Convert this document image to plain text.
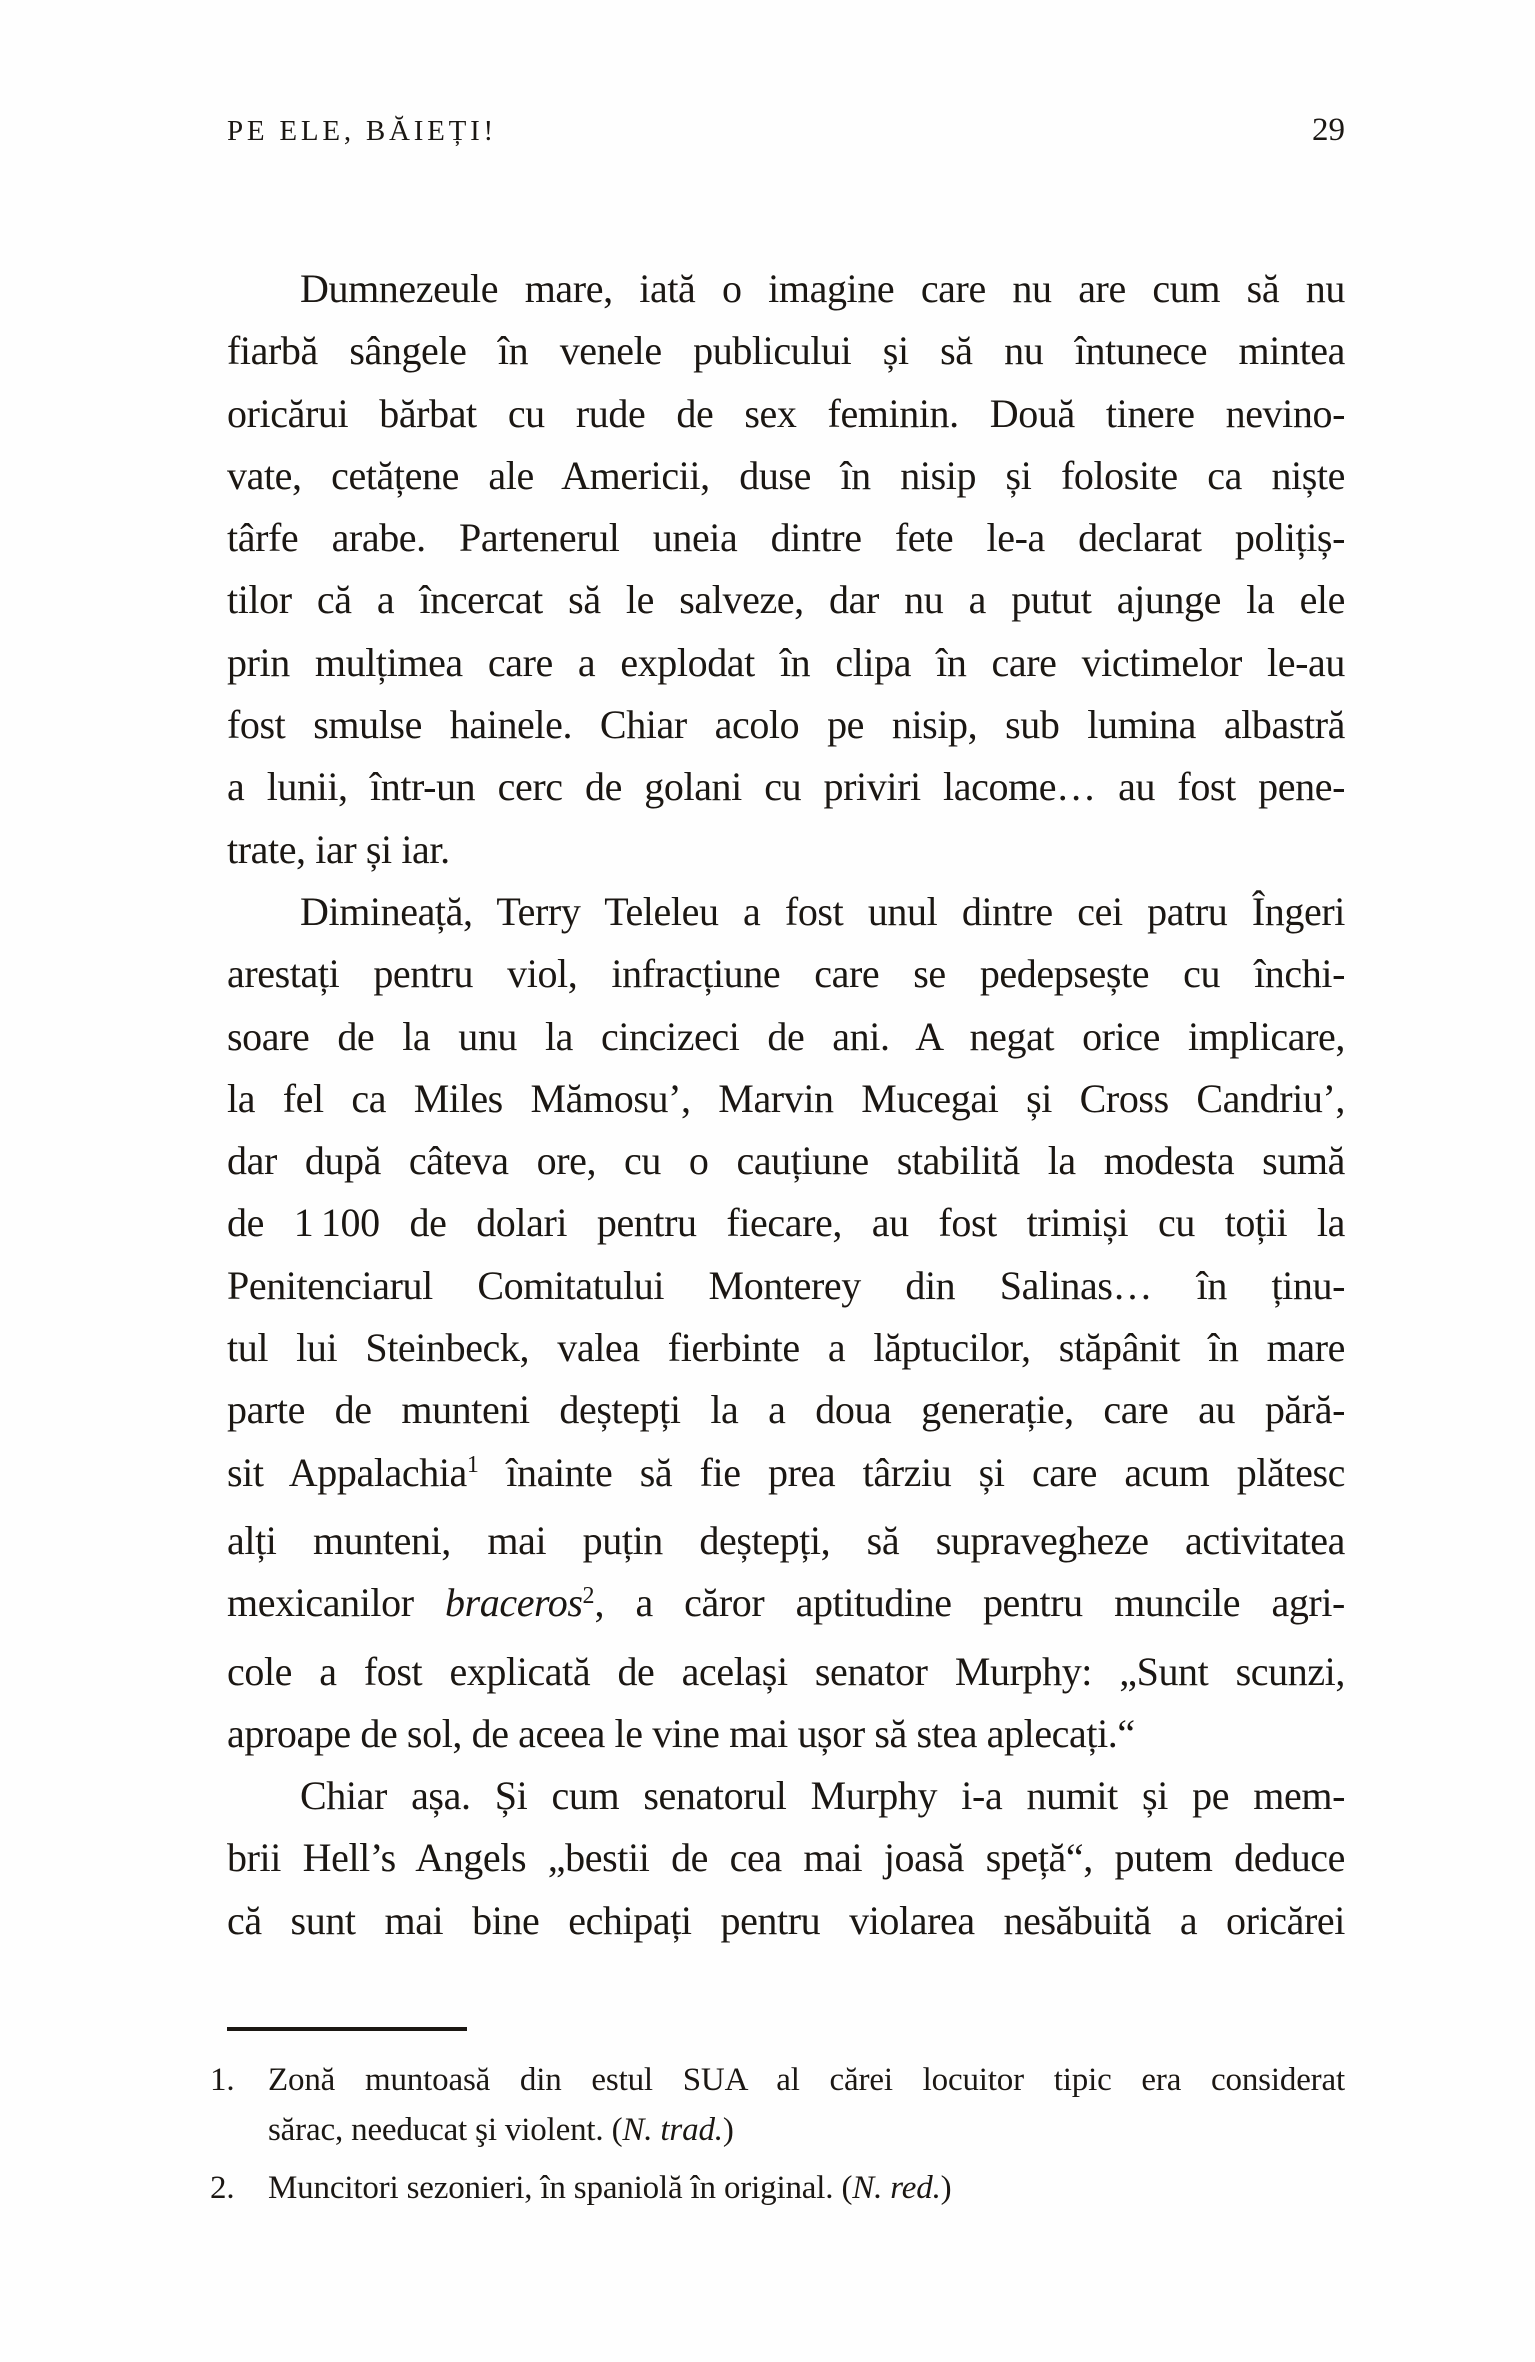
PE ELE, BĂIEȚI!	29
Dumnezeule mare, iată o imagine care nu are cum să nu
fiarbă sângele în venele publicului și să nu întunece mintea
oricărui bărbat cu rude de sex feminin. Două tinere nevino-
vate, cetățene ale Americii, duse în nisip și folosite ca niște
târfe arabe. Partenerul uneia dintre fete le-a declarat polițiș-
tilor că a încercat să le salveze, dar nu a putut ajunge la ele
prin mulțimea care a explodat în clipa în care victimelor le-au
fost smulse hainele. Chiar acolo pe nisip, sub lumina albastră
a lunii, într-un cerc de golani cu priviri lacome… au fost pene-
trate, iar și iar.
Dimineață, Terry Teleleu a fost unul dintre cei patru Îngeri
arestați pentru viol, infracțiune care se pedepsește cu închi-
soare de la unu la cincizeci de ani. A negat orice implicare,
la fel ca Miles Mămosu’, Marvin Mucegai și Cross Candriu’,
dar după câteva ore, cu o cauțiune stabilită la modesta sumă
de 1 100 de dolari pentru fiecare, au fost trimiși cu toții la
Penitenciarul Comitatului Monterey din Salinas… în ținu-
tul lui Steinbeck, valea fierbinte a lăptucilor, stăpânit în mare
parte de munteni deștepți la a doua generație, care au pără-
sit Appalachia$^1$ înainte să fie prea târziu și care acum plătesc
alți munteni, mai puțin deștepți, să supravegheze activitatea
mexicanilor braceros$^2$, a căror aptitudine pentru muncile agri-
cole a fost explicată de același senator Murphy: „Sunt scunzi,
aproape de sol, de aceea le vine mai ușor să stea aplecați.“
Chiar așa. Și cum senatorul Murphy i-a numit și pe mem-
brii Hell’s Angels „bestii de cea mai joasă speță“, putem deduce
că sunt mai bine echipați pentru violarea nesăbuită a oricărei
1. Zonă muntoasă din estul SUA al cărei locuitor tipic era considerat
sărac, needucat şi violent. (N. trad.)
2. Muncitori sezonieri, în spaniolă în original. (N. red.)
